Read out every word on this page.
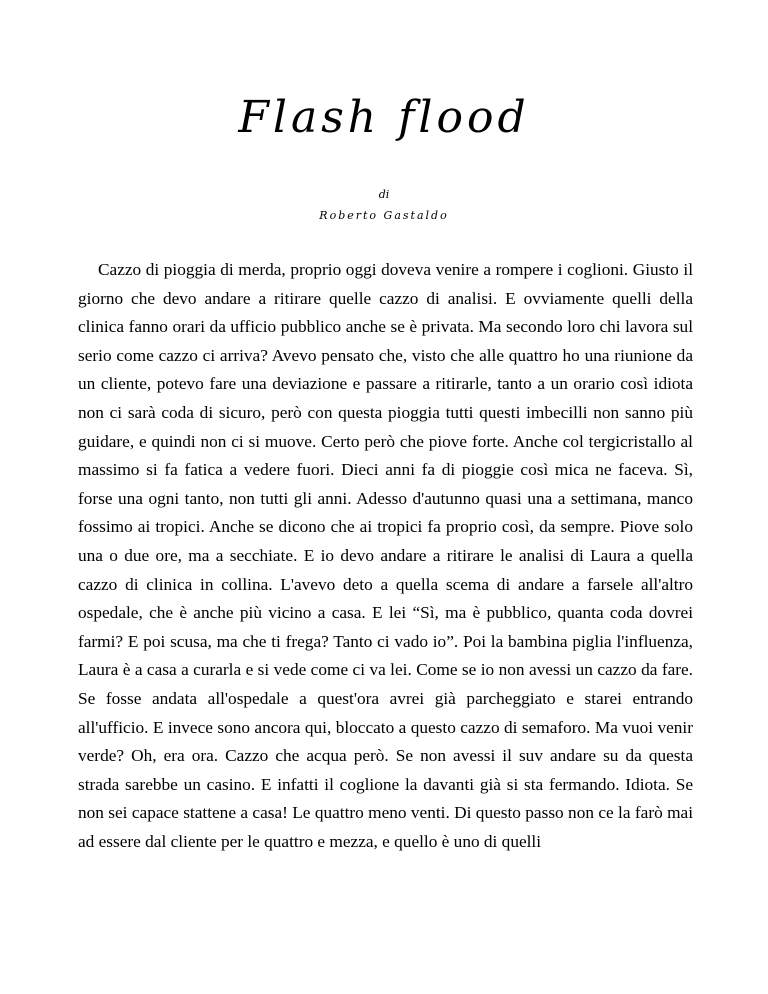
Flash flood
di
Roberto Gastaldo

Cazzo di pioggia di merda, proprio oggi doveva venire a rompere i coglioni. Giusto il giorno che devo andare a ritirare quelle cazzo di analisi. E ovviamente quelli della clinica fanno orari da ufficio pubblico anche se è privata. Ma secondo loro chi lavora sul serio come cazzo ci arriva? Avevo pensato che, visto che alle quattro ho una riunione da un cliente, potevo fare una deviazione e passare a ritirarle, tanto a un orario così idiota non ci sarà coda di sicuro, però con questa pioggia tutti questi imbecilli non sanno più guidare, e quindi non ci si muove. Certo però che piove forte. Anche col tergicristallo al massimo si fa fatica a vedere fuori. Dieci anni fa di pioggie così mica ne faceva. Sì, forse una ogni tanto, non tutti gli anni. Adesso d'autunno quasi una a settimana, manco fossimo ai tropici. Anche se dicono che ai tropici fa proprio così, da sempre. Piove solo una o due ore, ma a secchiate. E io devo andare a ritirare le analisi di Laura a quella cazzo di clinica in collina. L'avevo deto a quella scema di andare a farsele all'altro ospedale, che è anche più vicino a casa. E lei “Sì, ma è pubblico, quanta coda dovrei farmi? E poi scusa, ma che ti frega? Tanto ci vado io”. Poi la bambina piglia l'influenza, Laura è a casa a curarla e si vede come ci va lei. Come se io non avessi un cazzo da fare. Se fosse andata all'ospedale a quest'ora avrei già parcheggiato e starei entrando all'ufficio. E invece sono ancora qui, bloccato a questo cazzo di semaforo. Ma vuoi venir verde? Oh, era ora. Cazzo che acqua però. Se non avessi il suv andare su da questa strada sarebbe un casino. E infatti il coglione la davanti già si sta fermando. Idiota. Se non sei capace stattene a casa! Le quattro meno venti. Di questo passo non ce la farò mai ad essere dal cliente per le quattro e mezza, e quello è uno di quelli
